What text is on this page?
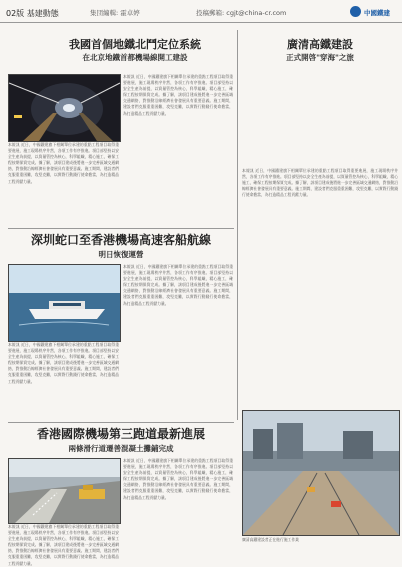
02版 基建動態	集団編輯: 霍卓婷	投稿郵箱: cgjt@china-cr.com	中國鐵建
我國首個地鐵北鬥定位系統
在北京地鐵首都機場線開工建設
本報訊 近日，中國鐵建旗下相關單位承建的重點工程項目取得重要進展，施工現場秩序井然，各項工作有序推進。項目部堅持以安全生產為前提，以質量管控為核心，科學組織，精心施工，確保工程按期保質完成。據了解，該項目建成後將進一步完善區域交通網絡，對推動沿線經濟社會發展具有重要意義。施工期間，建設者們克服重重困難，攻堅克難，以實際行動踐行使命擔當，為打造精品工程貢獻力量。
本報訊 近日，中國鐵建旗下相關單位承建的重點工程項目取得重要進展，施工現場秩序井然，各項工作有序推進。項目部堅持以安全生產為前提，以質量管控為核心，科學組織，精心施工，確保工程按期保質完成。據了解，該項目建成後將進一步完善區域交通網絡，對推動沿線經濟社會發展具有重要意義。施工期間，建設者們克服重重困難，攻堅克難，以實際行動踐行使命擔當，為打造精品工程貢獻力量。
廣清高鐵建設
正式開啓"穿海"之旅
本報訊 近日，中國鐵建旗下相關單位承建的重點工程項目取得重要進展，施工現場秩序井然，各項工作有序推進。項目部堅持以安全生產為前提，以質量管控為核心，科學組織，精心施工，確保工程按期保質完成。據了解，該項目建成後將進一步完善區域交通網絡，對推動沿線經濟社會發展具有重要意義。施工期間，建設者們克服重重困難，攻堅克難，以實際行動踐行使命擔當，為打造精品工程貢獻力量。
廣清高鐵建設者正在進行施工作業
深圳蛇口至香港機場高速客船航線
明日恢復運營
本報訊 近日，中國鐵建旗下相關單位承建的重點工程項目取得重要進展，施工現場秩序井然，各項工作有序推進。項目部堅持以安全生產為前提，以質量管控為核心，科學組織，精心施工，確保工程按期保質完成。據了解，該項目建成後將進一步完善區域交通網絡，對推動沿線經濟社會發展具有重要意義。施工期間，建設者們克服重重困難，攻堅克難，以實際行動踐行使命擔當，為打造精品工程貢獻力量。
本報訊 近日，中國鐵建旗下相關單位承建的重點工程項目取得重要進展，施工現場秩序井然，各項工作有序推進。項目部堅持以安全生產為前提，以質量管控為核心，科學組織，精心施工，確保工程按期保質完成。據了解，該項目建成後將進一步完善區域交通網絡，對推動沿線經濟社會發展具有重要意義。施工期間，建設者們克服重重困難，攻堅克難，以實際行動踐行使命擔當，為打造精品工程貢獻力量。
香港國際機場第三跑道最新進展
兩條滑行道遷善混凝土攤鋪完成
本報訊 近日，中國鐵建旗下相關單位承建的重點工程項目取得重要進展，施工現場秩序井然，各項工作有序推進。項目部堅持以安全生產為前提，以質量管控為核心，科學組織，精心施工，確保工程按期保質完成。據了解，該項目建成後將進一步完善區域交通網絡，對推動沿線經濟社會發展具有重要意義。施工期間，建設者們克服重重困難，攻堅克難，以實際行動踐行使命擔當，為打造精品工程貢獻力量。
本報訊 近日，中國鐵建旗下相關單位承建的重點工程項目取得重要進展，施工現場秩序井然，各項工作有序推進。項目部堅持以安全生產為前提，以質量管控為核心，科學組織，精心施工，確保工程按期保質完成。據了解，該項目建成後將進一步完善區域交通網絡，對推動沿線經濟社會發展具有重要意義。施工期間，建設者們克服重重困難，攻堅克難，以實際行動踐行使命擔當，為打造精品工程貢獻力量。
